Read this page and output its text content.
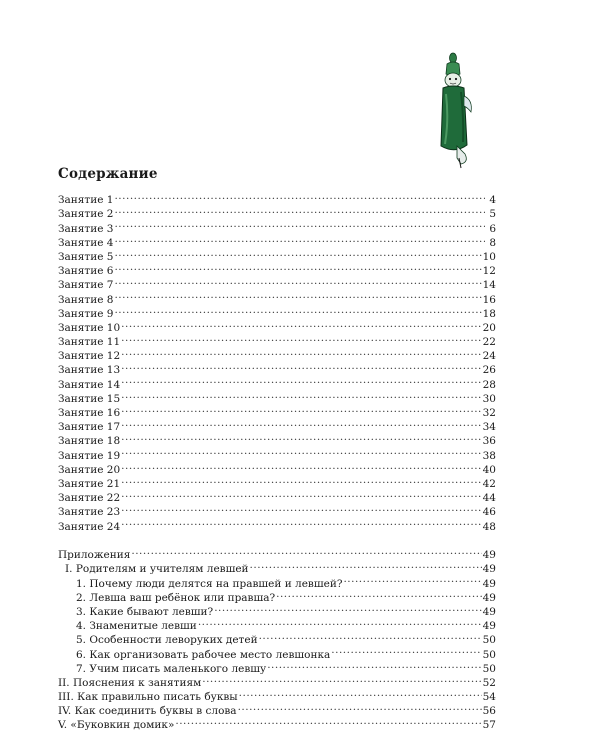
Содержание
Занятие 1 .....	4
Занятие 2 .....	5
Занятие 3 .....	6
Занятие 4 .....	8
Занятие 5 .....	10
Занятие 6 .....	12
Занятие 7 .....	14
Занятие 8 .....	16
Занятие 9 .....	18
Занятие 10 .....	20
Занятие 11 .....	22
Занятие 12 .....	24
Занятие 13 .....	26
Занятие 14 .....	28
Занятие 15 .....	30
Занятие 16 .....	32
Занятие 17 .....	34
Занятие 18 .....	36
Занятие 19 .....	38
Занятие 20 .....	40
Занятие 21 .....	42
Занятие 22 .....	44
Занятие 23 .....	46
Занятие 24 .....	48
Приложения .....	49
I. Родителям и учителям левшей .....	49
1. Почему люди делятся на правшей и левшей? .....	49
2. Левша ваш ребёнок или правша? .....	49
3. Какие бывают левши? .....	49
4. Знаменитые левши .....	49
5. Особенности леворуких детей .....	50
6. Как организовать рабочее место левшонка .....	50
7. Учим писать маленького левшу .....	50
II. Пояснения к занятиям .....	52
III. Как правильно писать буквы .....	54
IV. Как соединить буквы в слова .....	56
V. «Буковкин домик» .....	57
